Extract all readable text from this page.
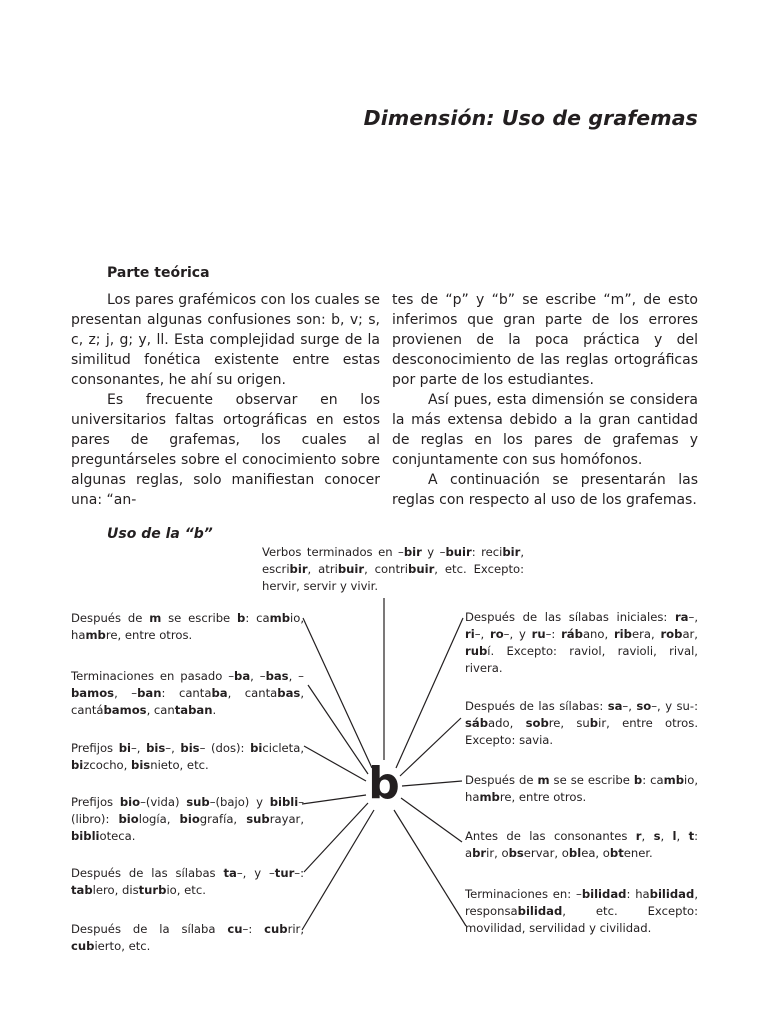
Dimensión: Uso de grafemas
Parte teórica

Los pares grafémicos con los cuales se presentan algunas confusiones son: b, v; s, c, z; j, g; y, ll. Esta complejidad surge de la similitud fonética existente entre estas consonantes, he ahí su origen.

Es frecuente observar en los universitarios faltas ortográficas en estos pares de grafemas, los cuales al preguntárseles sobre el conocimiento sobre algunas reglas, solo manifiestan conocer una: “an-

tes de “p” y “b” se escribe “m”, de esto inferimos que gran parte de los errores provienen de la poca práctica y del desconocimiento de las reglas ortográficas por parte de los estudiantes.

Así pues, esta dimensión se considera la más extensa debido a la gran cantidad de reglas en los pares de grafemas y conjuntamente con sus homófonos.

A continuación se presentarán las reglas con respecto al uso de los grafemas.

Uso de la “b”
b
Verbos terminados en –bir y –buir: recibir, escribir, atribuir, contribuir, etc. Excepto: hervir, servir y vivir.
Después de m se escribe b: cambio, hambre, entre otros.
Terminaciones en pasado –ba, –bas, –bamos, –ban: cantaba, cantabas, cantábamos, cantaban.
Prefijos bi–, bis–, bis– (dos): bicicleta, bizcocho, bisnieto, etc.
Prefijos bio–(vida) sub–(bajo) y bibli–(libro): biología, biografía, subrayar, biblioteca.
Después de las sílabas ta–, y –tur–: tablero, disturbio, etc.
Después de la sílaba cu–: cubrir, cubierto, etc.
Después de las sílabas iniciales: ra–, ri–, ro–, y ru–: rábano, ribera, robar, rubí. Excepto: raviol, ravioli, rival, rivera.
Después de las sílabas: sa–, so–, y su-: sábado, sobre, subir, entre otros. Excepto: savia.
Después de m se se escribe b: cambio, hambre, entre otros.
Antes de las consonantes r, s, l, t: abrir, observar, oblea, obtener.
Terminaciones en: –bilidad: habilidad, responsabilidad, etc. Excepto: movilidad, servilidad y civilidad.
